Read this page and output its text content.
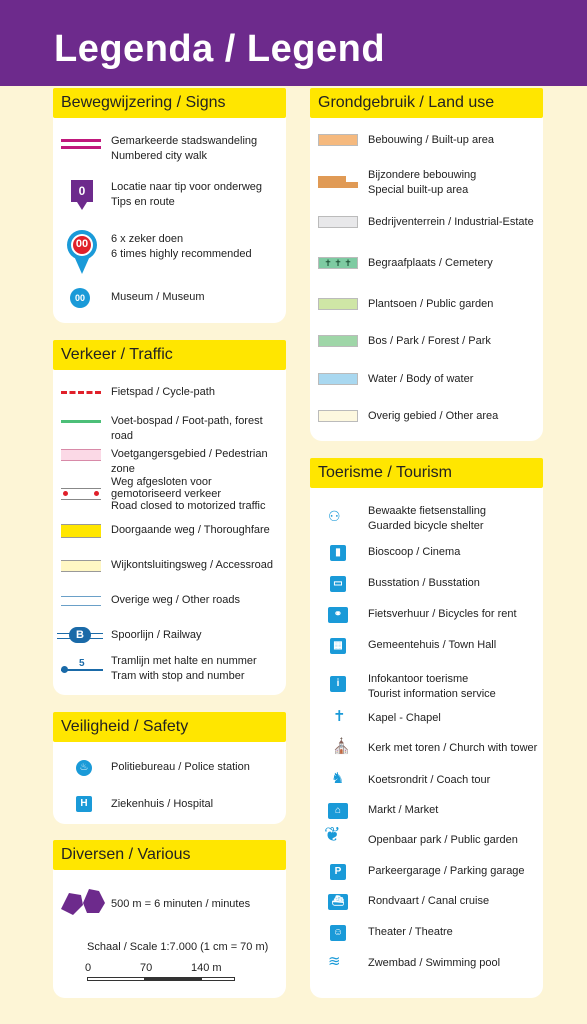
Legenda / Legend
Bewegwijzering / Signs
Gemarkeerde stadswandeling
Numbered city walk
0	Locatie naar tip voor onderweg
Tips en route
00	6 x zeker doen
6 times highly recommended
00	Museum / Museum
Verkeer / Traffic
Fietspad / Cycle-path
Voet-bospad / Foot-path, forest road
Voetgangersgebied / Pedestrian zone
Weg afgesloten voor gemotoriseerd verkeer
Road closed to motorized traffic
Doorgaande weg / Thoroughfare
Wijkontsluitingsweg / Accessroad
Overige weg / Other roads
B	Spoorlijn / Railway
5 Tramlijn met halte en nummer
Tram with stop and number
Veiligheid / Safety
♨	Politiebureau / Police station
H	Ziekenhuis / Hospital
Diversen / Various
500 m = 6 minuten / minutes
Schaal / Scale 1:7.000 (1 cm = 70 m)
0	70	140 m
Grondgebruik / Land use
Bebouwing / Built-up area
Bijzondere bebouwing
Special built-up area
Bedrijventerrein / Industrial-Estate
✝ ✝ ✝	Begraafplaats / Cemetery
Plantsoen / Public garden
Bos / Park / Forest / Park
Water / Body of water
Overig gebied / Other area
Toerisme / Tourism
⚇ Bewaakte fietsenstalling
Guarded bicycle shelter
▮	Bioscoop / Cinema
▭ Busstation / Busstation
⚭	Fietsverhuur / Bicycles for rent
▦ Gemeentehuis / Town Hall
i	Infokantoor toerisme
Tourist information service
✝ Kapel - Chapel
⛪ Kerk met toren / Church with tower
♞ Koetsrondrit / Coach tour
⌂	Markt / Market
❦ Openbaar park / Public garden
P	Parkeergarage / Parking garage
⛴	Rondvaart / Canal cruise
☺ Theater / Theatre
≋ Zwembad / Swimming pool
